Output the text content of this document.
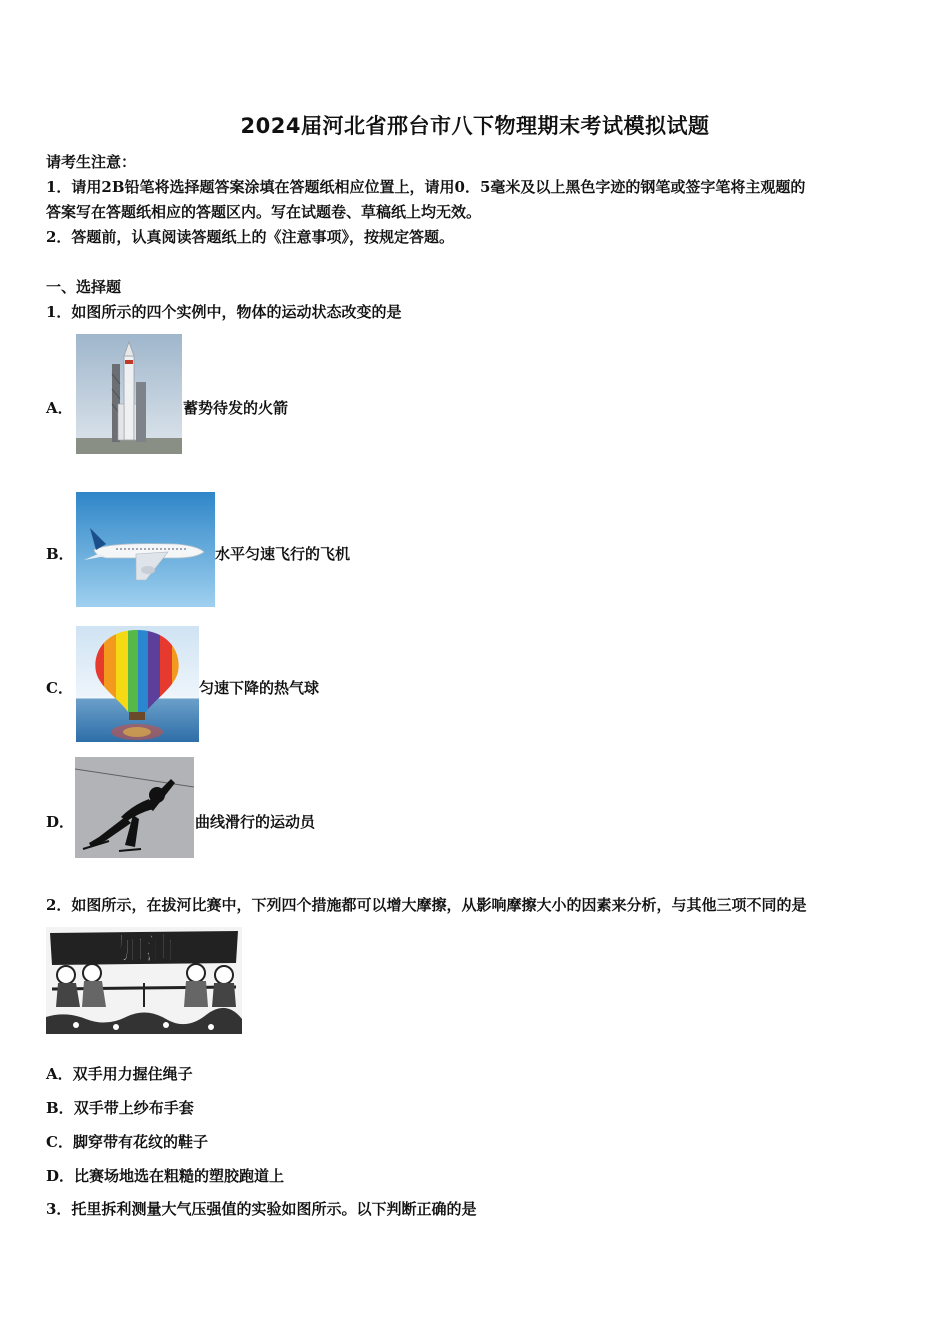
2024届河北省邢台市八下物理期末考试模拟试题
请考生注意：
1．请用2B铅笔将选择题答案涂填在答题纸相应位置上，请用0．5毫米及以上黑色字迹的钢笔或签字笔将主观题的
答案写在答题纸相应的答题区内。写在试题卷、草稿纸上均无效。
2．答题前，认真阅读答题纸上的《注意事项》，按规定答题。
一、选择题
1．如图所示的四个实例中，物体的运动状态改变的是
A．	蓄势待发的火箭
B．	水平匀速飞行的飞机
C．	匀速下降的热气球
D．	曲线滑行的运动员
2．如图所示，在拔河比赛中，下列四个措施都可以增大摩擦，从影响摩擦大小的因素来分析，与其他三项不同的是
加油
A．双手用力握住绳子
B．双手带上纱布手套
C．脚穿带有花纹的鞋子
D．比赛场地选在粗糙的塑胶跑道上
3．托里拆利测量大气压强值的实验如图所示。以下判断正确的是
